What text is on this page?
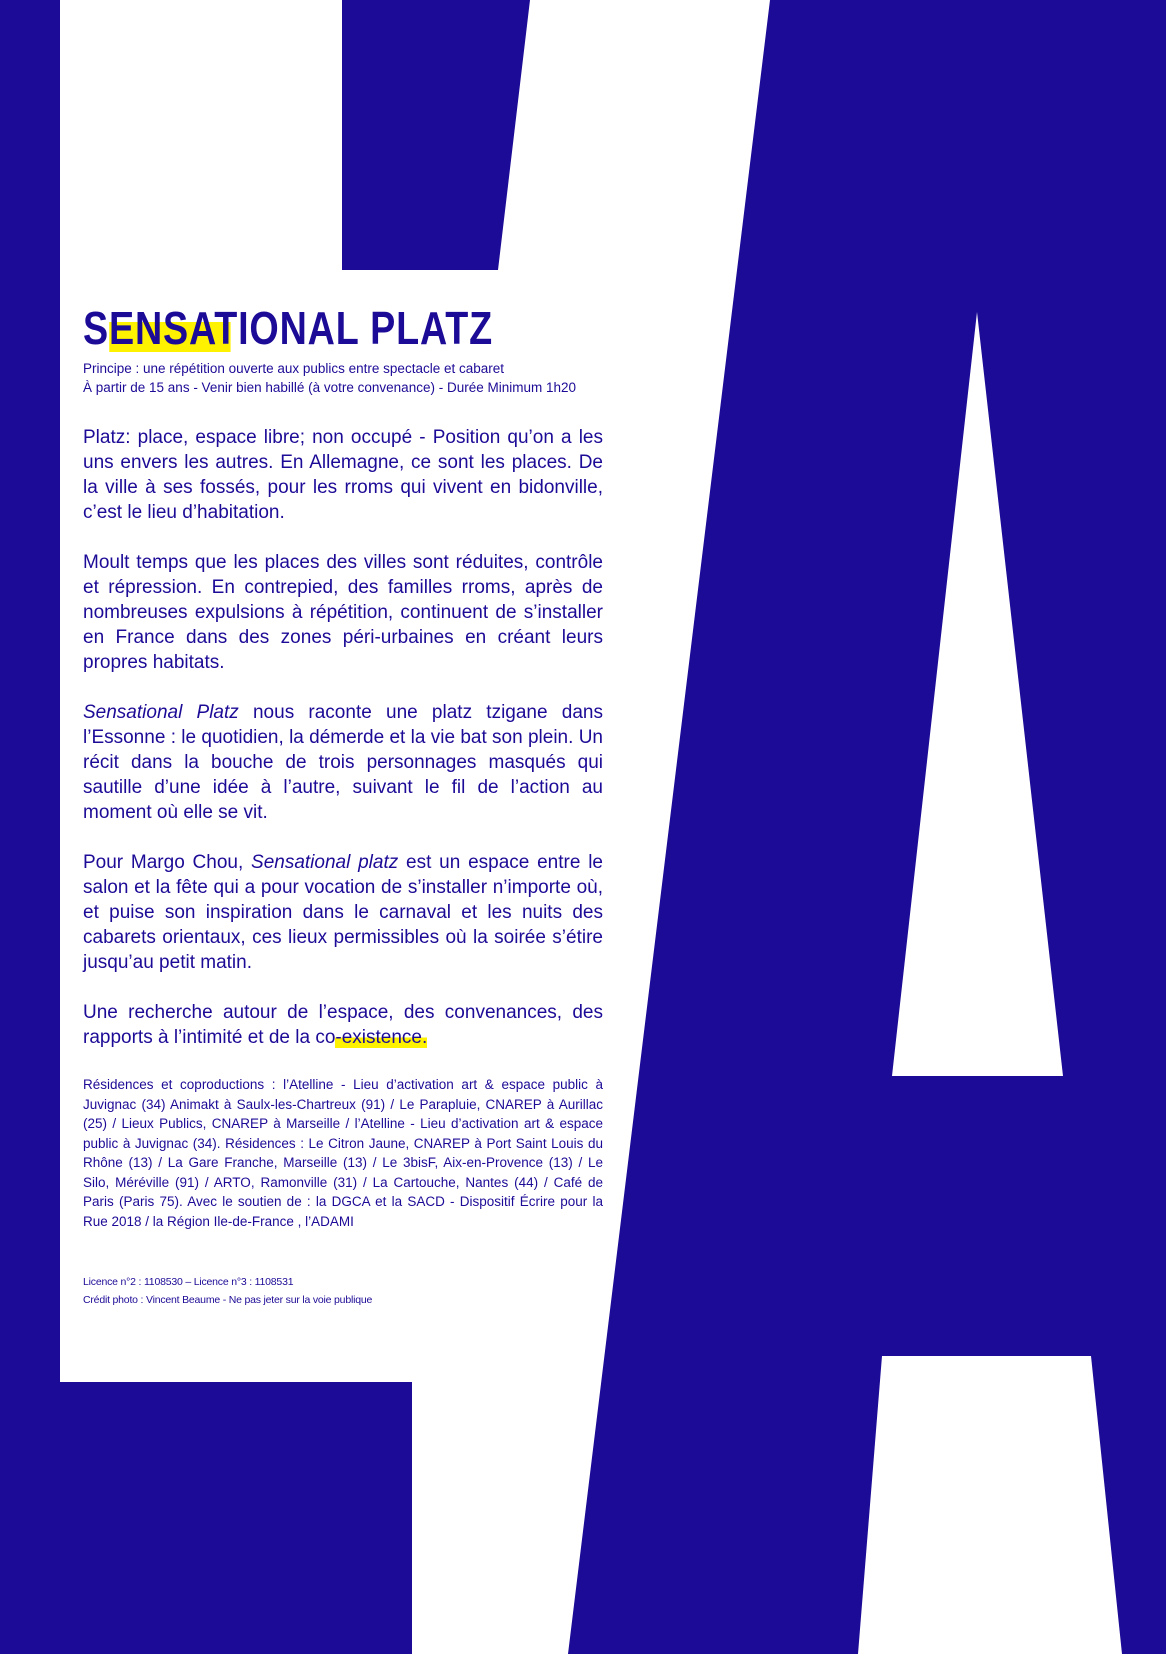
SENSATIONAL PLATZ
Principe : une répétition ouverte aux publics entre spectacle et cabaret
À partir de 15 ans - Venir bien habillé (à votre convenance) - Durée Minimum 1h20

Platz: place, espace libre; non occupé - Position qu’on a les uns envers les autres. En Allemagne, ce sont les places. De la ville à ses fossés, pour les rroms qui vivent en bidonville, c’est le lieu d’habitation.

Moult temps que les places des villes sont réduites, contrôle et répression. En contrepied, des familles rroms, après de nombreuses expulsions à répétition, continuent de s’installer en France dans des zones péri-urbaines en créant leurs propres habitats.

Sensational Platz nous raconte une platz tzigane dans l’Essonne : le quotidien, la démerde et la vie bat son plein. Un récit dans la bouche de trois personnages masqués qui sautille d’une idée à l’autre, suivant le fil de l’action au moment où elle se vit.

Pour Margo Chou, Sensational platz est un espace entre le salon et la fête qui a pour vocation de s’installer n’importe où, et puise son inspiration dans le carnaval et les nuits des cabarets orientaux, ces lieux permissibles où la soirée s’étire jusqu’au petit matin.

Une recherche autour de l’espace, des convenances, des rapports à l’intimité et de la co-existence.

Résidences et coproductions : l’Atelline - Lieu d’activation art & espace public à Juvignac (34) Animakt à Saulx-les-Chartreux (91) / Le Parapluie, CNAREP à Aurillac (25) / Lieux Publics, CNAREP à Marseille / l’Atelline - Lieu d’activation art & espace public à Juvignac (34). Résidences : Le Citron Jaune, CNAREP à Port Saint Louis du Rhône (13) / La Gare Franche, Marseille (13) / Le 3bisF, Aix-en-Provence (13) / Le Silo, Méréville (91) / ARTO, Ramonville (31) / La Cartouche, Nantes (44) / Café de Paris (Paris 75). Avec le soutien de : la DGCA et la SACD - Dispositif Écrire pour la Rue 2018 / la Région Ile-de-France , l’ADAMI
Licence n°2 : 1108530 – Licence n°3 : 1108531
Crédit photo : Vincent Beaume - Ne pas jeter sur la voie publique
